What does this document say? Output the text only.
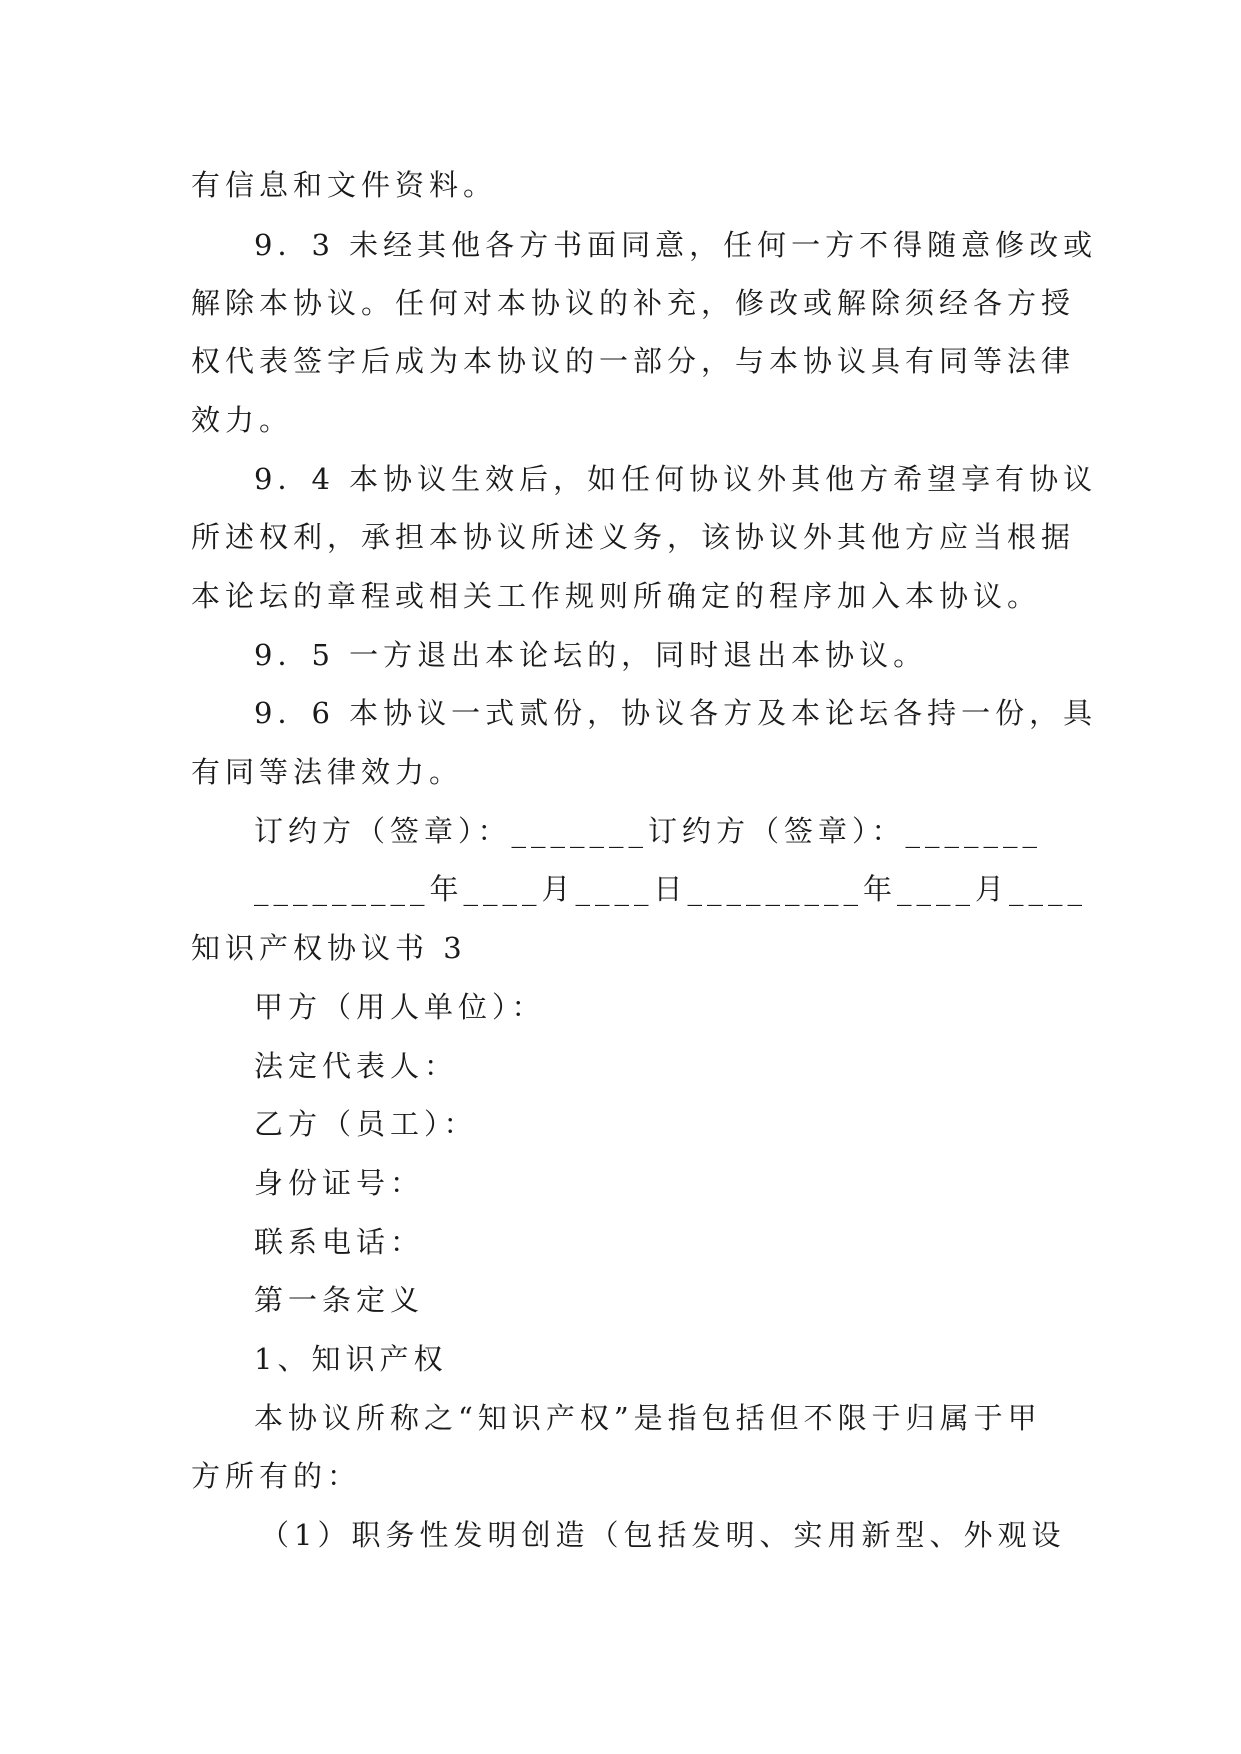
有信息和文件资料。
9．3 未经其他各方书面同意，任何一方不得随意修改或
解除本协议。任何对本协议的补充，修改或解除须经各方授
权代表签字后成为本协议的一部分，与本协议具有同等法律
效力。
9．4 本协议生效后，如任何协议外其他方希望享有协议
所述权利，承担本协议所述义务，该协议外其他方应当根据
本论坛的章程或相关工作规则所确定的程序加入本协议。
9．5 一方退出本论坛的，同时退出本协议。
9．6 本协议一式贰份，协议各方及本论坛各持一份，具
有同等法律效力。
订约方（签章）：_______订约方（签章）：_______
_________年____月____日_________年____月____
知识产权协议书 3
甲方（用人单位）：
法定代表人：
乙方（员工）：
身份证号：
联系电话：
第一条定义
1、知识产权
本协议所称之“知识产权”是指包括但不限于归属于甲
方所有的：
（1）职务性发明创造（包括发明、实用新型、外观设
